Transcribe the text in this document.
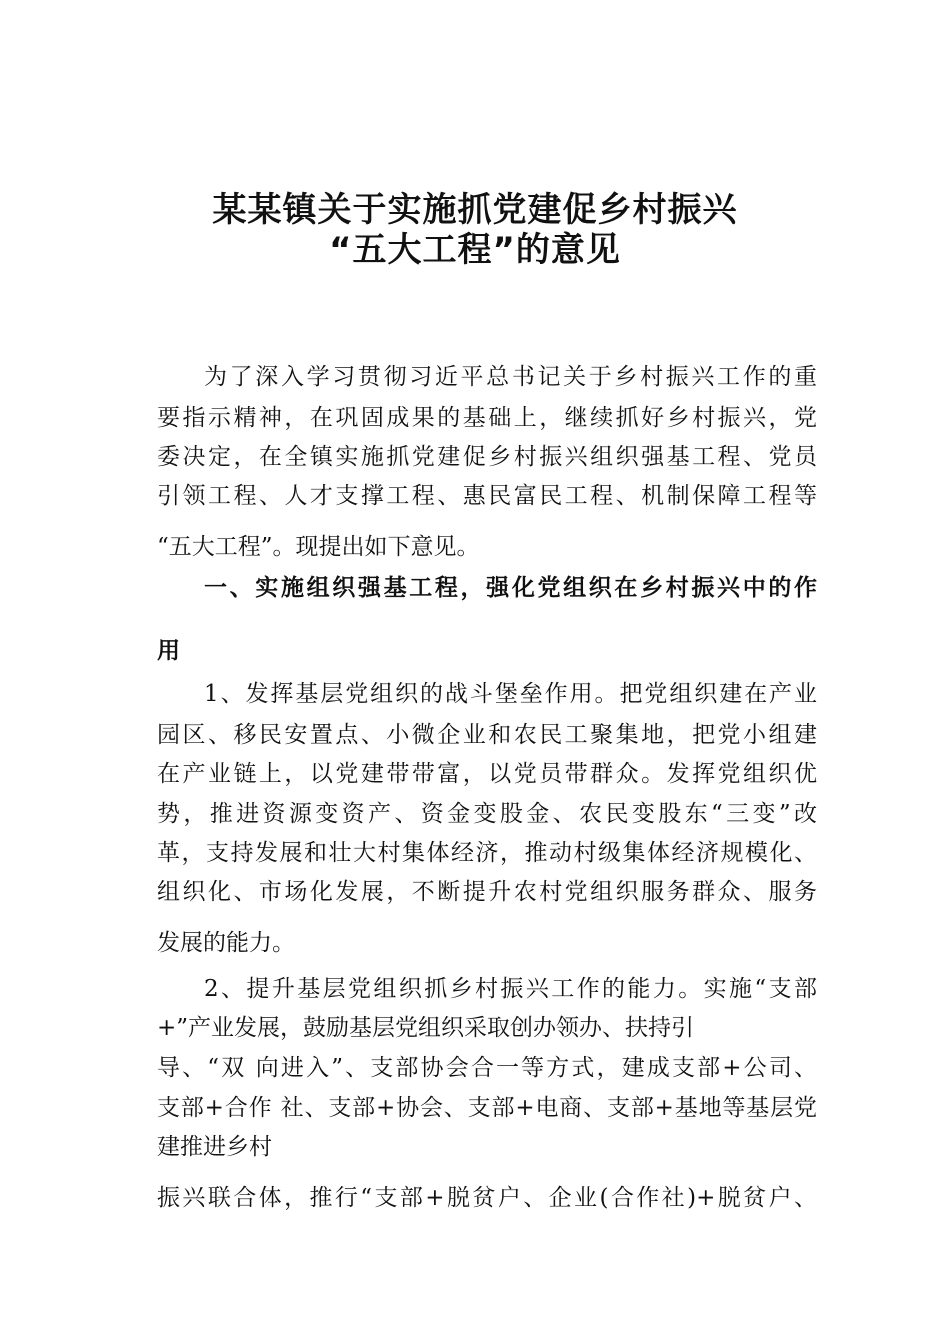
某某镇关于实施抓党建促乡村振兴
“五大工程”的意见

为了深入学习贯彻习近平总书记关于乡村振兴工作的重

要指示精神，在巩固成果的基础上，继续抓好乡村振兴，党

委决定，在全镇实施抓党建促乡村振兴组织强基工程、党员

引领工程、人才支撑工程、惠民富民工程、机制保障工程等

“五大工程”。现提出如下意见。

一、实施组织强基工程，强化党组织在乡村振兴中的作

用

1、发挥基层党组织的战斗堡垒作用。把党组织建在产业

园区、移民安置点、小微企业和农民工聚集地，把党小组建

在产业链上，以党建带带富，以党员带群众。发挥党组织优

势，推进资源变资产、资金变股金、农民变股东“三变”改

革，支持发展和壮大村集体经济，推动村级集体经济规模化、

组织化、市场化发展，不断提升农村党组织服务群众、服务

发展的能力。

2、提升基层党组织抓乡村振兴工作的能力。实施“支部

+”产业发展，鼓励基层党组织采取创办领办、扶持引

导、“双 向进入”、支部协会合一等方式，建成支部+公司、

支部+合作 社、支部+协会、支部+电商、支部+基地等基层党

建推进乡村

振兴联合体，推行“支部+脱贫户、企业(合作社)+脱贫户、
